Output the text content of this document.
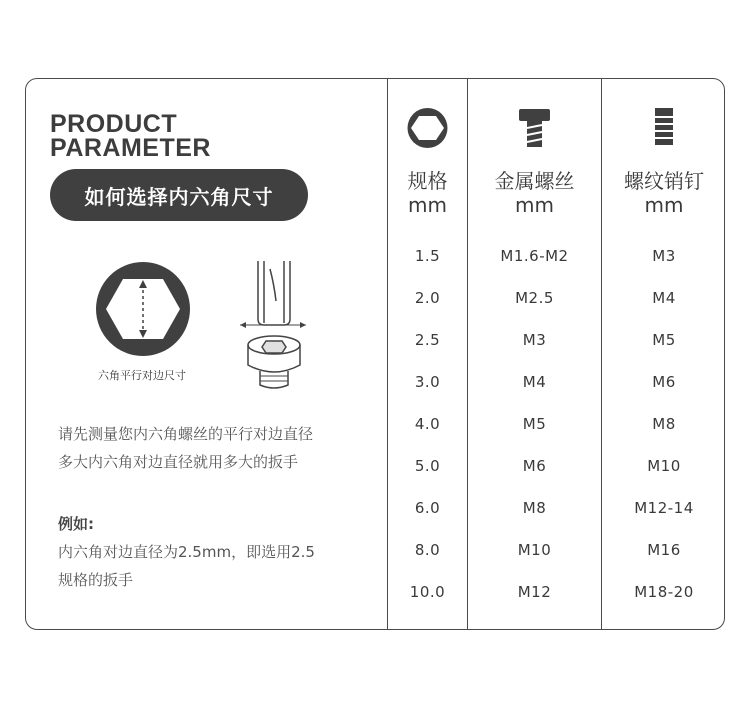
PRODUCT
PARAMETER
如何选择内六角尺寸
六角平行对边尺寸
请先测量您内六角螺丝的平行对边直径
多大内六角对边直径就用多大的扳手
例如:
内六角对边直径为2.5mm，即选用2.5
规格的扳手
规格
mm
金属螺丝
mm
螺纹销钉
mm
1.5	M1.6-M2	M3
2.0	M2.5	M4
2.5	M3	M5
3.0	M4	M6
4.0	M5	M8
5.0	M6	M10
6.0	M8	M12-14
8.0	M10	M16
10.0	M12	M18-20
